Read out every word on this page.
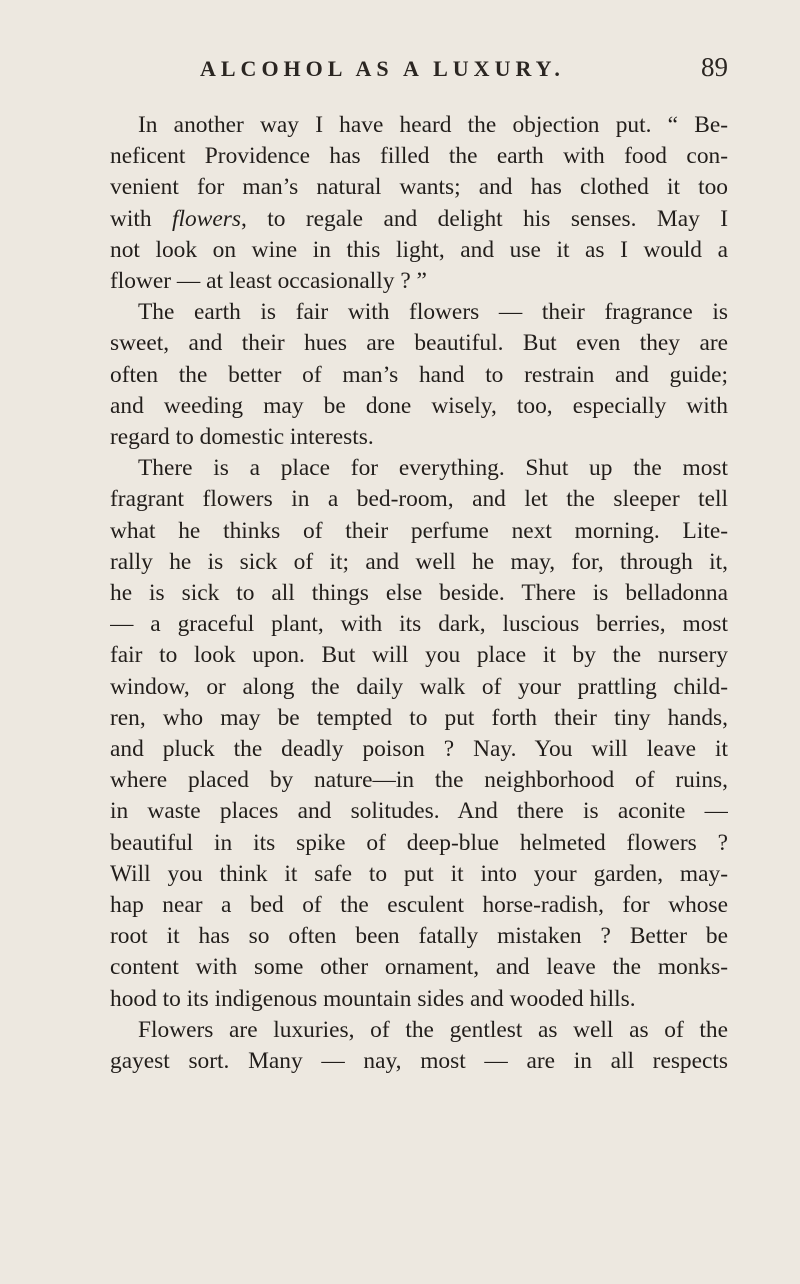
ALCOHOL AS A LUXURY.	89
In another way I have heard the objection put. “ Be-
neficent Providence has filled the earth with food con-
venient for man’s natural wants; and has clothed it too
with flowers, to regale and delight his senses. May I
not look on wine in this light, and use it as I would a
flower — at least occasionally ? ”
The earth is fair with flowers — their fragrance is
sweet, and their hues are beautiful. But even they are
often the better of man’s hand to restrain and guide;
and weeding may be done wisely, too, especially with
regard to domestic interests.
There is a place for everything. Shut up the most
fragrant flowers in a bed-room, and let the sleeper tell
what he thinks of their perfume next morning. Lite-
rally he is sick of it; and well he may, for, through it,
he is sick to all things else beside. There is belladonna
— a graceful plant, with its dark, luscious berries, most
fair to look upon. But will you place it by the nursery
window, or along the daily walk of your prattling child-
ren, who may be tempted to put forth their tiny hands,
and pluck the deadly poison ? Nay. You will leave it
where placed by nature—in the neighborhood of ruins,
in waste places and solitudes. And there is aconite —
beautiful in its spike of deep-blue helmeted flowers ?
Will you think it safe to put it into your garden, may-
hap near a bed of the esculent horse-radish, for whose
root it has so often been fatally mistaken ? Better be
content with some other ornament, and leave the monks-
hood to its indigenous mountain sides and wooded hills.
Flowers are luxuries, of the gentlest as well as of the
gayest sort. Many — nay, most — are in all respects
